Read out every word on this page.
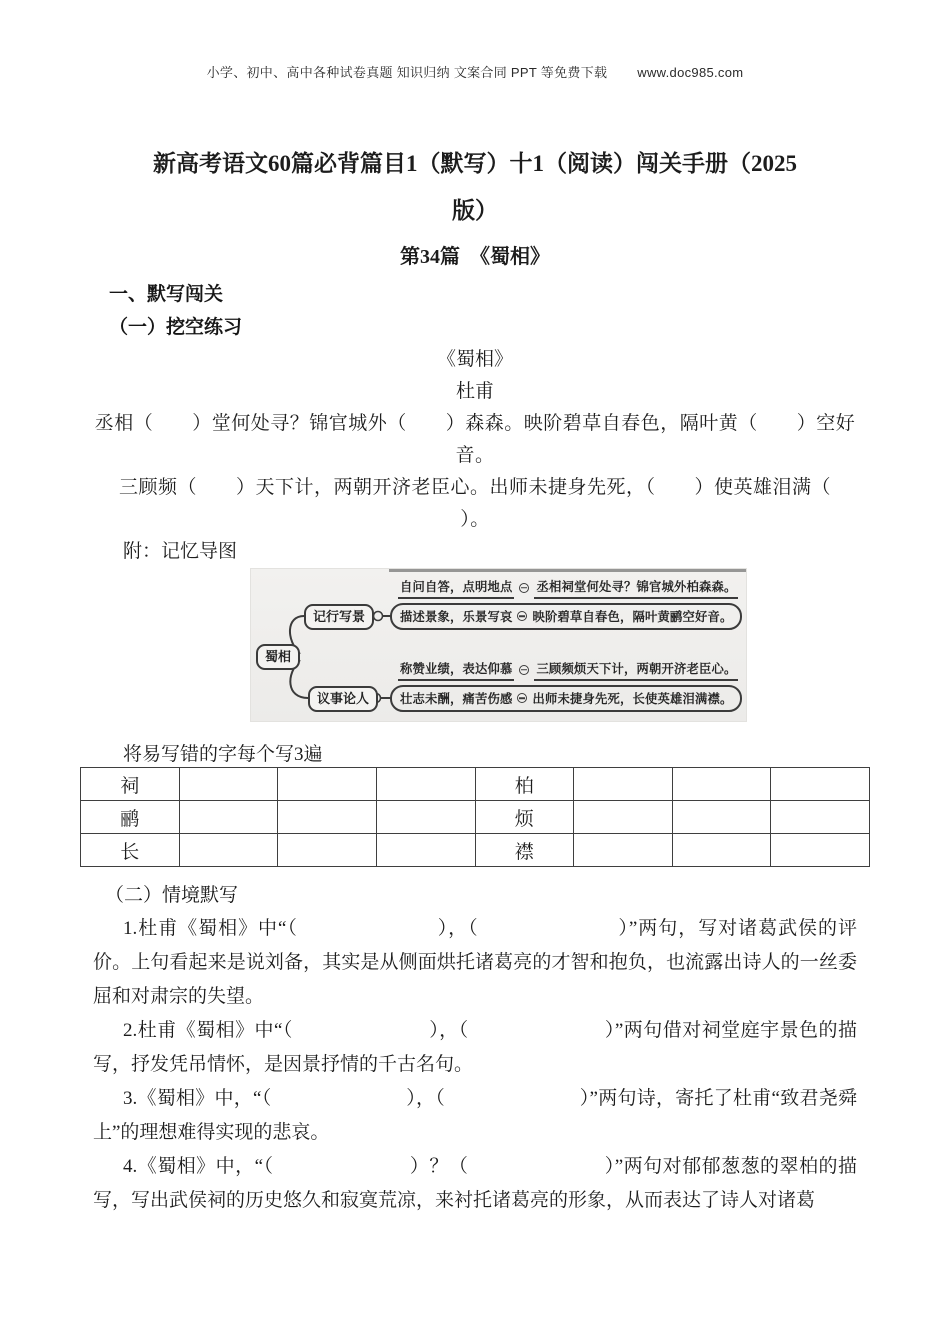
小学、初中、高中各种试卷真题 知识归纳 文案合同 PPT 等免费下载 www.doc985.com
新高考语文60篇必背篇目1（默写）十1（阅读）闯关手册（2025
版）
第34篇　《蜀相》

一、默写闯关

（一）挖空练习

《蜀相》

杜甫

丞相（　　）堂何处寻？锦官城外（　　）森森。映阶碧草自春色，隔叶黄（　　）空好

音。

三顾频（　　）天下计，两朝开济老臣心。出师未捷身先死，（　　）使英雄泪满（

）。

附：记忆导图

蜀相
记行写景
议事论人
自问自答，点明地点 丞相祠堂何处寻？锦官城外柏森森。
描述景象，乐景写哀 映阶碧草自春色，隔叶黄鹂空好音。
称赞业绩，表达仰慕 三顾频烦天下计，两朝开济老臣心。
壮志未酬，痛苦伤感 出师未捷身先死，长使英雄泪满襟。

将易写错的字每个写3遍

祠				柏			
鹂				烦			
长				襟			

（二）情境默写

1.杜甫《蜀相》中“（　　　　　　　），（　　　　　　　）”两句，写对诸葛武侯的评价。上句看起来是说刘备，其实是从侧面烘托诸葛亮的才智和抱负，也流露出诗人的一丝委屈和对肃宗的失望。

2.杜甫《蜀相》中“（　　　　　　　），（　　　　　　　）”两句借对祠堂庭宇景色的描写，抒发凭吊情怀，是因景抒情的千古名句。

3.《蜀相》中，“（　　　　　　　），（　　　　　　　）”两句诗，寄托了杜甫“致君尧舜上”的理想难得实现的悲哀。

4.《蜀相》中，“（　　　　　　　）？（　　　　　　　）”两句对郁郁葱葱的翠柏的描写，写出武侯祠的历史悠久和寂寞荒凉，来衬托诸葛亮的形象，从而表达了诗人对诸葛
